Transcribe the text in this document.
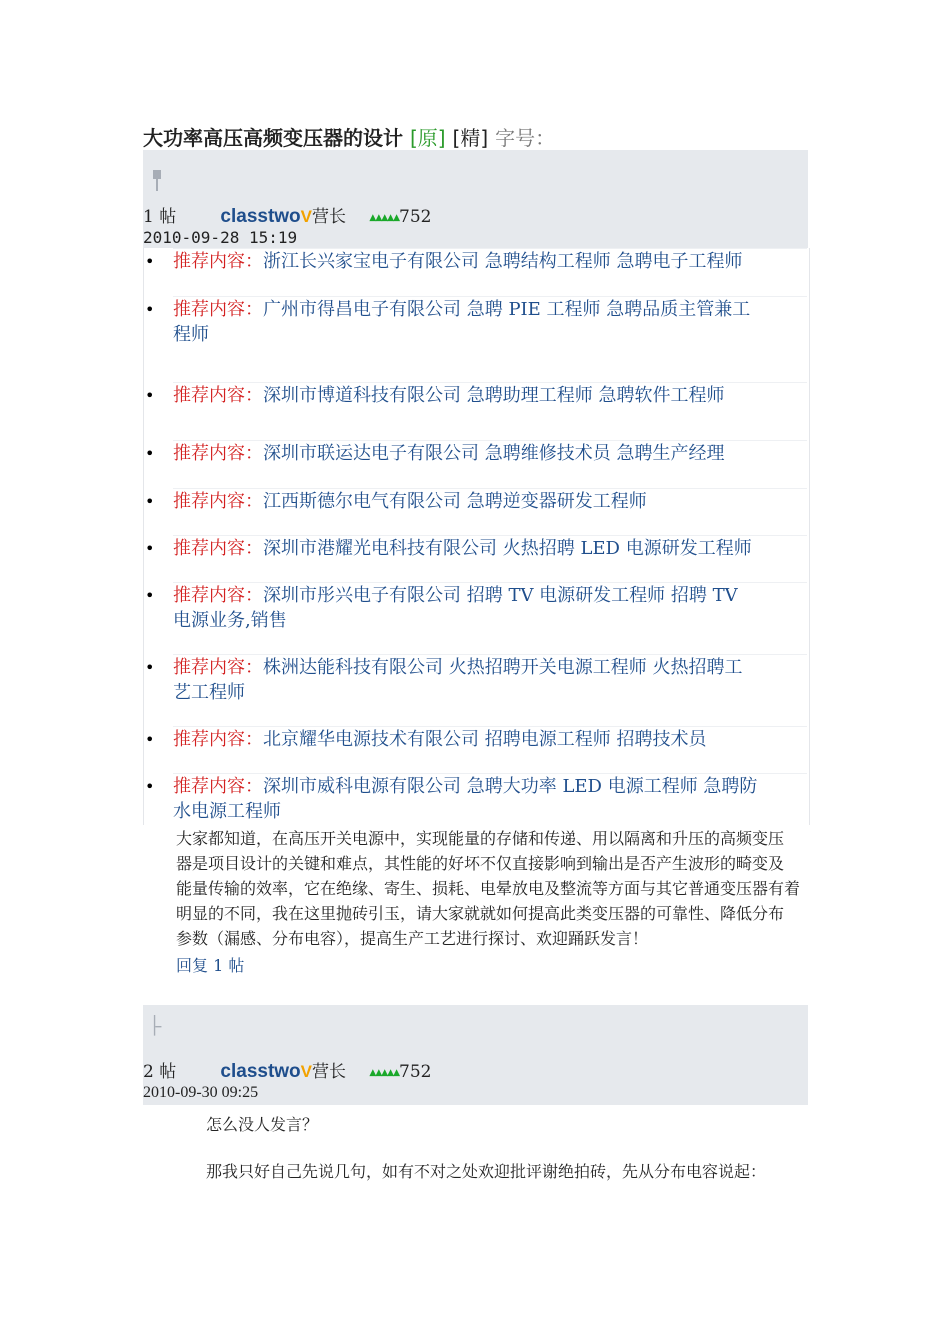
大功率高压高频变压器的设计 [原] [精] 字号：
1 帖 classtwoV营长	▲▲▲▲▲752
2010-09-28 15:19
• 推荐内容：浙江长兴家宝电子有限公司 急聘结构工程师 急聘电子工程师
• 推荐内容：广州市得昌电子有限公司 急聘 PIE 工程师 急聘品质主管兼工
程师
• 推荐内容：深圳市博道科技有限公司 急聘助理工程师 急聘软件工程师
• 推荐内容：深圳市联运达电子有限公司 急聘维修技术员 急聘生产经理
• 推荐内容：江西斯德尔电气有限公司 急聘逆变器研发工程师
• 推荐内容：深圳市港耀光电科技有限公司 火热招聘 LED 电源研发工程师
• 推荐内容：深圳市彤兴电子有限公司 招聘 TV 电源研发工程师 招聘 TV
电源业务,销售
• 推荐内容：株洲达能科技有限公司 火热招聘开关电源工程师 火热招聘工
艺工程师
• 推荐内容：北京耀华电源技术有限公司 招聘电源工程师 招聘技术员
• 推荐内容：深圳市威科电源有限公司 急聘大功率 LED 电源工程师 急聘防
水电源工程师
大家都知道，在高压开关电源中，实现能量的存储和传递、用以隔离和升压的高频变压
器是项目设计的关键和难点，其性能的好坏不仅直接影响到输出是否产生波形的畸变及
能量传输的效率，它在绝缘、寄生、损耗、电晕放电及整流等方面与其它普通变压器有着
明显的不同，我在这里抛砖引玉，请大家就就如何提高此类变压器的可靠性、降低分布
参数（漏感、分布电容），提高生产工艺进行探讨、欢迎踊跃发言！
回复 1 帖
2 帖 classtwoV营长	▲▲▲▲▲752
2010-09-30 09:25
怎么没人发言？
那我只好自己先说几句，如有不对之处欢迎批评谢绝拍砖，先从分布电容说起：
